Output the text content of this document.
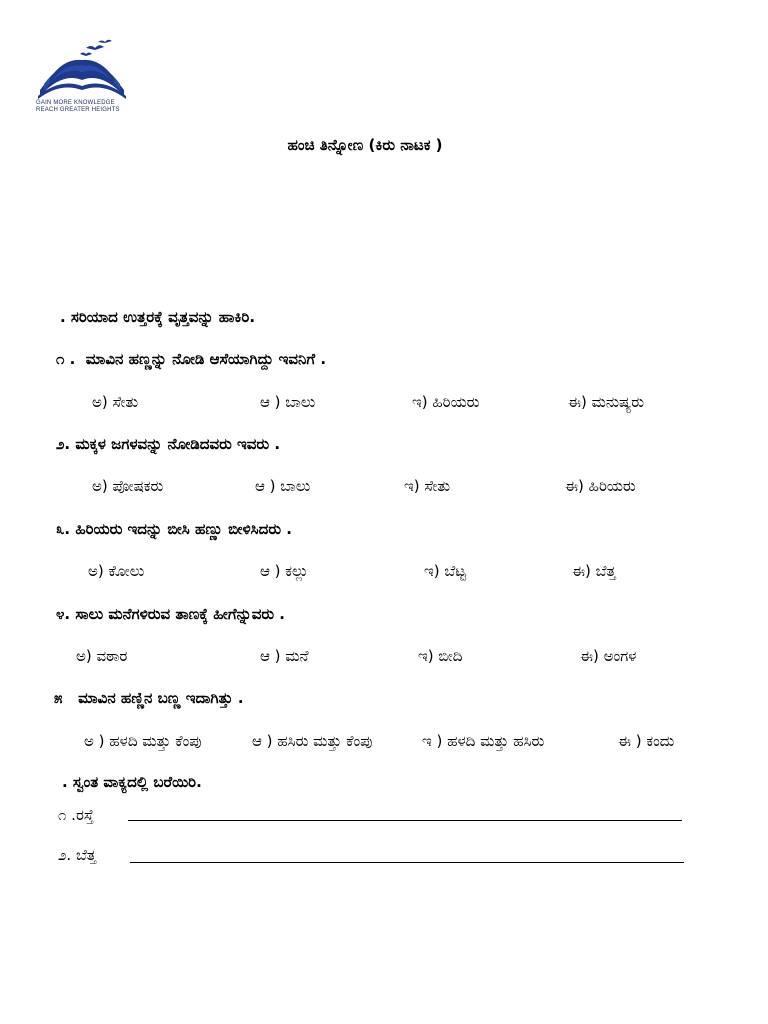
GAIN MORE KNOWLEDGE
REACH GREATER HEIGHTS
ಹಂಚಿ ತಿನ್ನೋಣ (ಕಿರು ನಾಟಕ )
. ಸರಿಯಾದ ಉತ್ತರಕ್ಕೆ ವೃತ್ತವನ್ನು ಹಾಕಿರಿ.
೧ . ಮಾವಿನ ಹಣ್ಣನ್ನು ನೋಡಿ ಆಸೆಯಾಗಿದ್ದು ಇವನಿಗೆ .
ಅ) ಸೇತು	ಆ ) ಬಾಲು	ಇ) ಹಿರಿಯರು	ಈ) ಮನುಷ್ಯರು
೨. ಮಕ್ಕಳ ಜಗಳವನ್ನು ನೋಡಿದವರು ಇವರು .
ಅ) ಪೋಷಕರು	ಆ ) ಬಾಲು	ಇ) ಸೇತು	ಈ) ಹಿರಿಯರು
೩. ಹಿರಿಯರು ಇದನ್ನು ಬೀಸಿ ಹಣ್ಣು ಬೀಳಿಸಿದರು .
ಅ) ಕೋಲು	ಆ ) ಕಲ್ಲು	ಇ) ಬೆಟ್ಟ	ಈ) ಬೆತ್ತ
೪. ಸಾಲು ಮನೆಗಳಿರುವ ತಾಣಕ್ಕೆ ಹೀಗೆನ್ನುವರು .
ಅ) ವಠಾರ	ಆ ) ಮನೆ	ಇ) ಬೀದಿ	ಈ) ಅಂಗಳ
೫ ಮಾವಿನ ಹಣ್ಣಿನ ಬಣ್ಣ ಇದಾಗಿತ್ತು .
ಅ ) ಹಳದಿ ಮತ್ತು ಕೆಂಪು	ಆ ) ಹಸಿರು ಮತ್ತು ಕೆಂಪು	ಇ ) ಹಳದಿ ಮತ್ತು ಹಸಿರು	ಈ ) ಕಂದು
. ಸ್ವಂತ ವಾಕ್ಯದಲ್ಲಿ ಬರೆಯಿರಿ.
೧ .ರಸ್ತೆ
೨. ಬೆತ್ತ
